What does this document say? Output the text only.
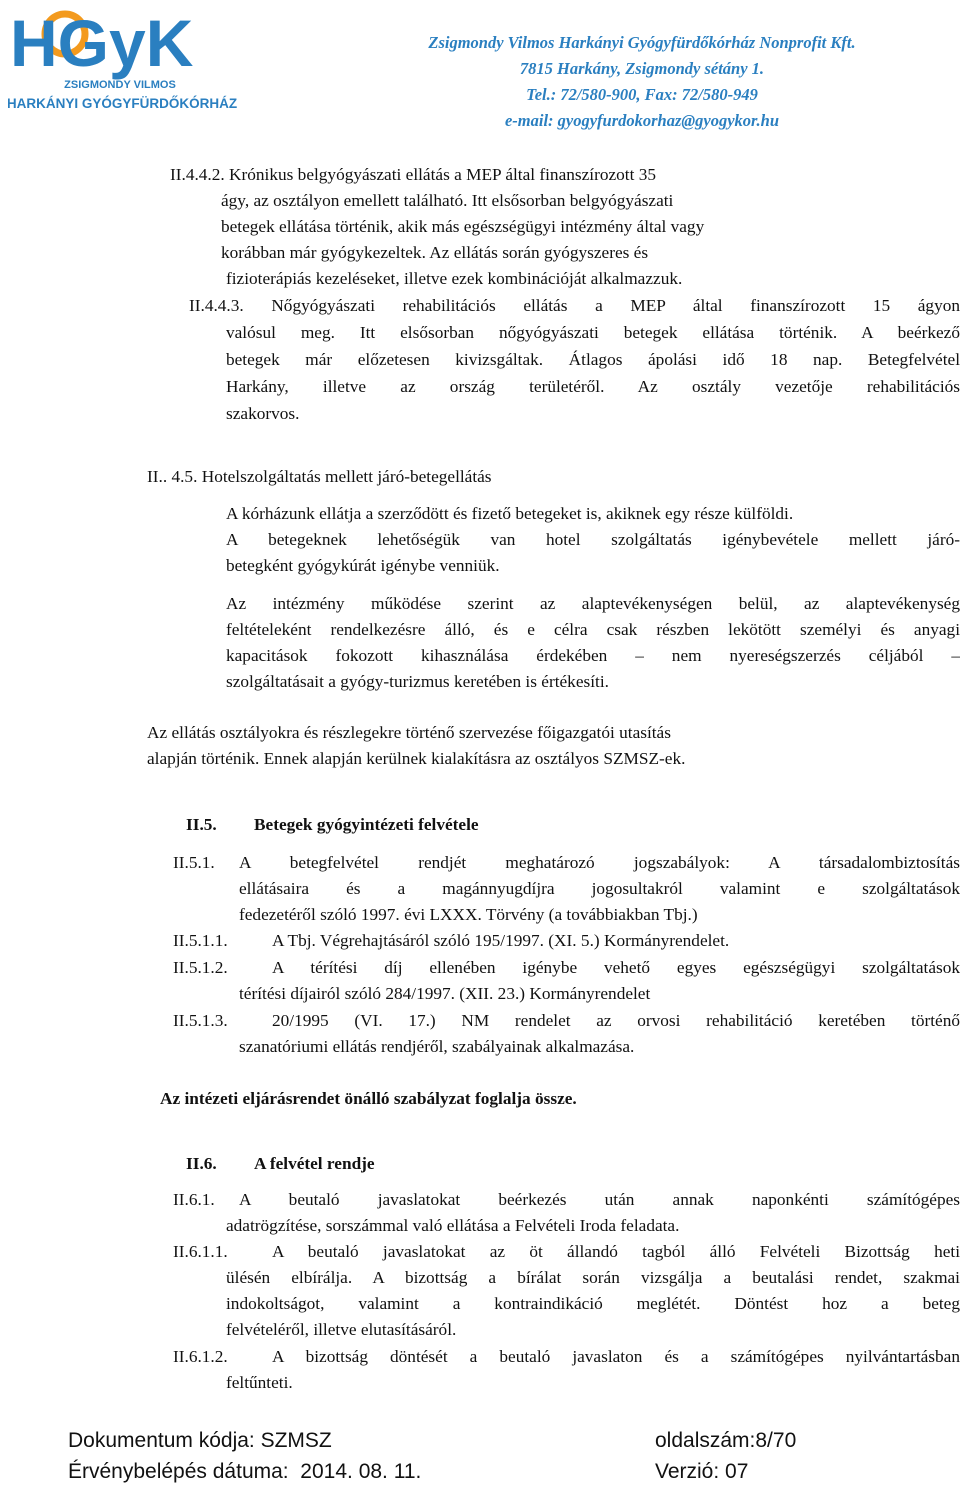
HGyK
ZSIGMONDY VILMOS
HARKÁNYI GYÓGYFÜRDŐKÓRHÁZ
Zsigmondy Vilmos Harkányi Gyógyfürdőkórház Nonprofit Kft.
7815 Harkány, Zsigmondy sétány 1.
Tel.: 72/580-900, Fax: 72/580-949
e-mail: gyogyfurdokorhaz@gyogykor.hu
II.4.4.2. Krónikus belgyógyászati ellátás a MEP által finanszírozott 35
ágy, az osztályon emellett található. Itt elsősorban belgyógyászati
betegek ellátása történik, akik más egészségügyi intézmény által vagy
korábban már gyógykezeltek. Az ellátás során gyógyszeres és
fizioterápiás kezeléseket, illetve ezek kombinációját alkalmazzuk.
II.4.4.3. Nőgyógyászati rehabilitációs ellátás a MEP által finanszírozott 15 ágyon
valósul meg. Itt elsősorban nőgyógyászati betegek ellátása történik. A beérkező
betegek már előzetesen kivizsgáltak. Átlagos ápolási idő 18 nap. Betegfelvétel
Harkány, illetve az ország területéről. Az osztály vezetője rehabilitációs
szakorvos.
II.. 4.5. Hotelszolgáltatás mellett járó-betegellátás
A kórházunk ellátja a szerződött és fizető betegeket is, akiknek egy része külföldi.
A betegeknek lehetőségük van hotel szolgáltatás igénybevétele mellett járó-
betegként gyógykúrát igénybe venniük.
Az intézmény működése szerint az alaptevékenységen belül, az alaptevékenység
feltételeként rendelkezésre álló, és e célra csak részben lekötött személyi és anyagi
kapacitások fokozott kihasználása érdekében – nem nyereségszerzés céljából –
szolgáltatásait a gyógy-turizmus keretében is értékesíti.
Az ellátás osztályokra és részlegekre történő szervezése főigazgatói utasítás
alapján történik. Ennek alapján kerülnek kialakításra az osztályos SZMSZ-ek.
II.5. Betegek gyógyintézeti felvétele
II.5.1. A betegfelvétel rendjét meghatározó jogszabályok: A társadalombiztosítás
ellátásaira és a magánnyugdíjra jogosultakról valamint e szolgáltatások
fedezetéről szóló 1997. évi LXXX. Törvény (a továbbiakban Tbj.)
II.5.1.1.	A Tbj. Végrehajtásáról szóló 195/1997. (XI. 5.) Kormányrendelet.
II.5.1.2.	A térítési díj ellenében igénybe vehető egyes egészségügyi szolgáltatások
térítési díjairól szóló 284/1997. (XII. 23.) Kormányrendelet
II.5.1.3.	20/1995 (VI. 17.) NM rendelet az orvosi rehabilitáció keretében történő
szanatóriumi ellátás rendjéről, szabályainak alkalmazása.
Az intézeti eljárásrendet önálló szabályzat foglalja össze.
II.6. A felvétel rendje
II.6.1. A beutaló javaslatokat beérkezés után annak naponkénti számítógépes
adatrögzítése, sorszámmal való ellátása a Felvételi Iroda feladata.
II.6.1.1.	A beutaló javaslatokat az öt állandó tagból álló Felvételi Bizottság heti
ülésén elbírálja. A bizottság a bírálat során vizsgálja a beutalási rendet, szakmai
indokoltságot, valamint a kontraindikáció meglétét. Döntést hoz a beteg
felvételéről, illetve elutasításáról.
II.6.1.2.	A bizottság döntését a beutaló javaslaton és a számítógépes nyilvántartásban
feltűnteti.
Dokumentum kódja: SZMSZ
Érvénybelépés dátuma:  2014. 08. 11.
oldalszám:8/70
Verzió: 07
